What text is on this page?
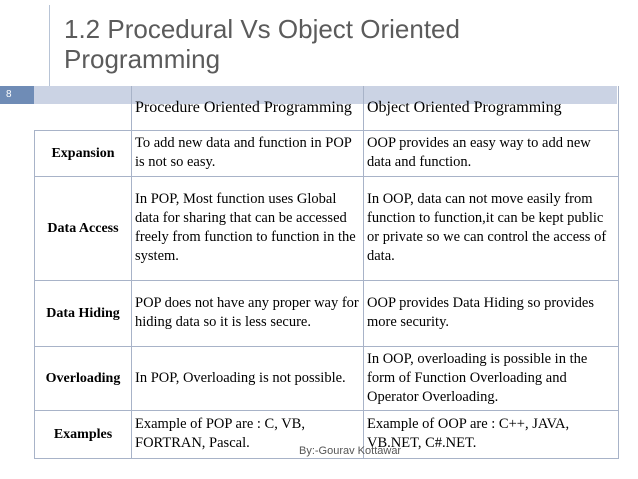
1.2 Procedural Vs Object Oriented Programming
8
	Procedure Oriented Programming	Object Oriented Programming
Expansion	To add new data and function in POP is not so easy.	OOP provides an easy way to add new data and function.
Data Access	In POP, Most function uses Global data for sharing that can be accessed freely from function to function in the system.	In OOP, data can not move easily from function to function,it can be kept public or private so we can control the access of data.
Data Hiding	POP does not have any proper way for hiding data so it is less secure.	OOP provides Data Hiding so provides more security.
Overloading	In POP, Overloading is not possible.	In OOP, overloading is possible in the form of Function Overloading and Operator Overloading.
Examples	Example of POP are : C, VB, FORTRAN, Pascal.	Example of OOP are : C++, JAVA, VB.NET, C#.NET.
By:-Gourav Kottawar
